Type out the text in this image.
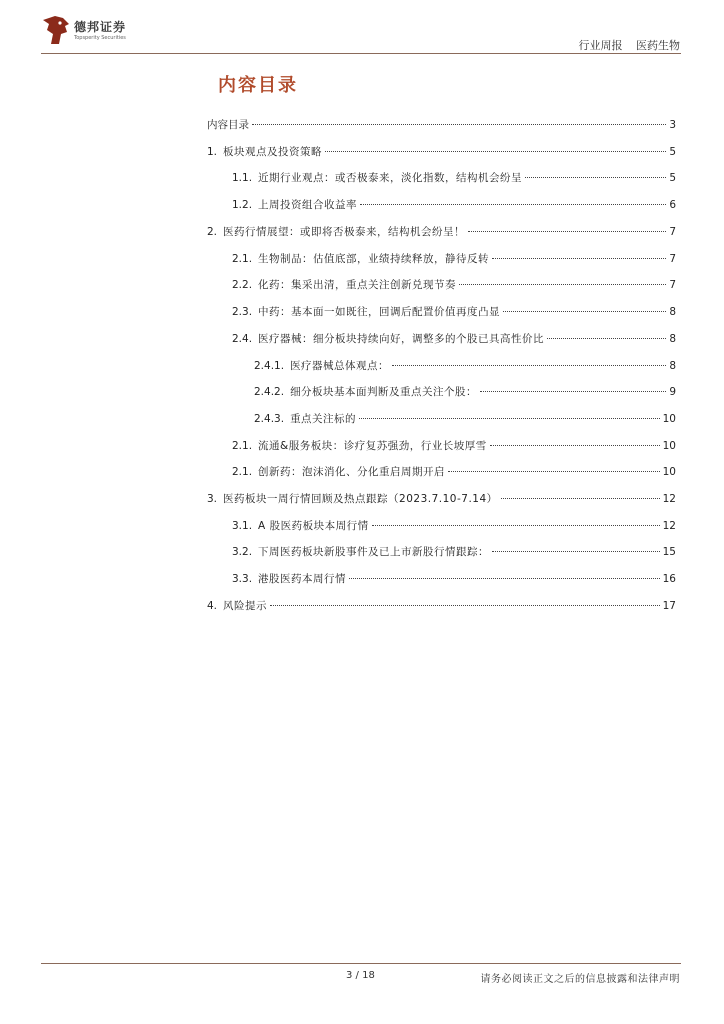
德邦证券
Topsperity Securities
行业周报 医药生物
内容目录
内容目录	3
1. 板块观点及投资策略	5
1.1. 近期行业观点：或否极泰来，淡化指数，结构机会纷呈	5
1.2. 上周投资组合收益率	6
2. 医药行情展望：或即将否极泰来，结构机会纷呈！	7
2.1. 生物制品：估值底部，业绩持续释放，静待反转	7
2.2. 化药：集采出清，重点关注创新兑现节奏	7
2.3. 中药：基本面一如既往，回调后配置价值再度凸显	8
2.4. 医疗器械：细分板块持续向好，调整多的个股已具高性价比	8
2.4.1. 医疗器械总体观点：	8
2.4.2. 细分板块基本面判断及重点关注个股：	9
2.4.3. 重点关注标的	10
2.1. 流通&服务板块：诊疗复苏强劲，行业长坡厚雪	10
2.1. 创新药：泡沫消化、分化重启周期开启	10
3. 医药板块一周行情回顾及热点跟踪（2023.7.10-7.14）	12
3.1. A 股医药板块本周行情	12
3.2. 下周医药板块新股事件及已上市新股行情跟踪：	15
3.3. 港股医药本周行情	16
4. 风险提示	17
3 / 18	请务必阅读正文之后的信息披露和法律声明
